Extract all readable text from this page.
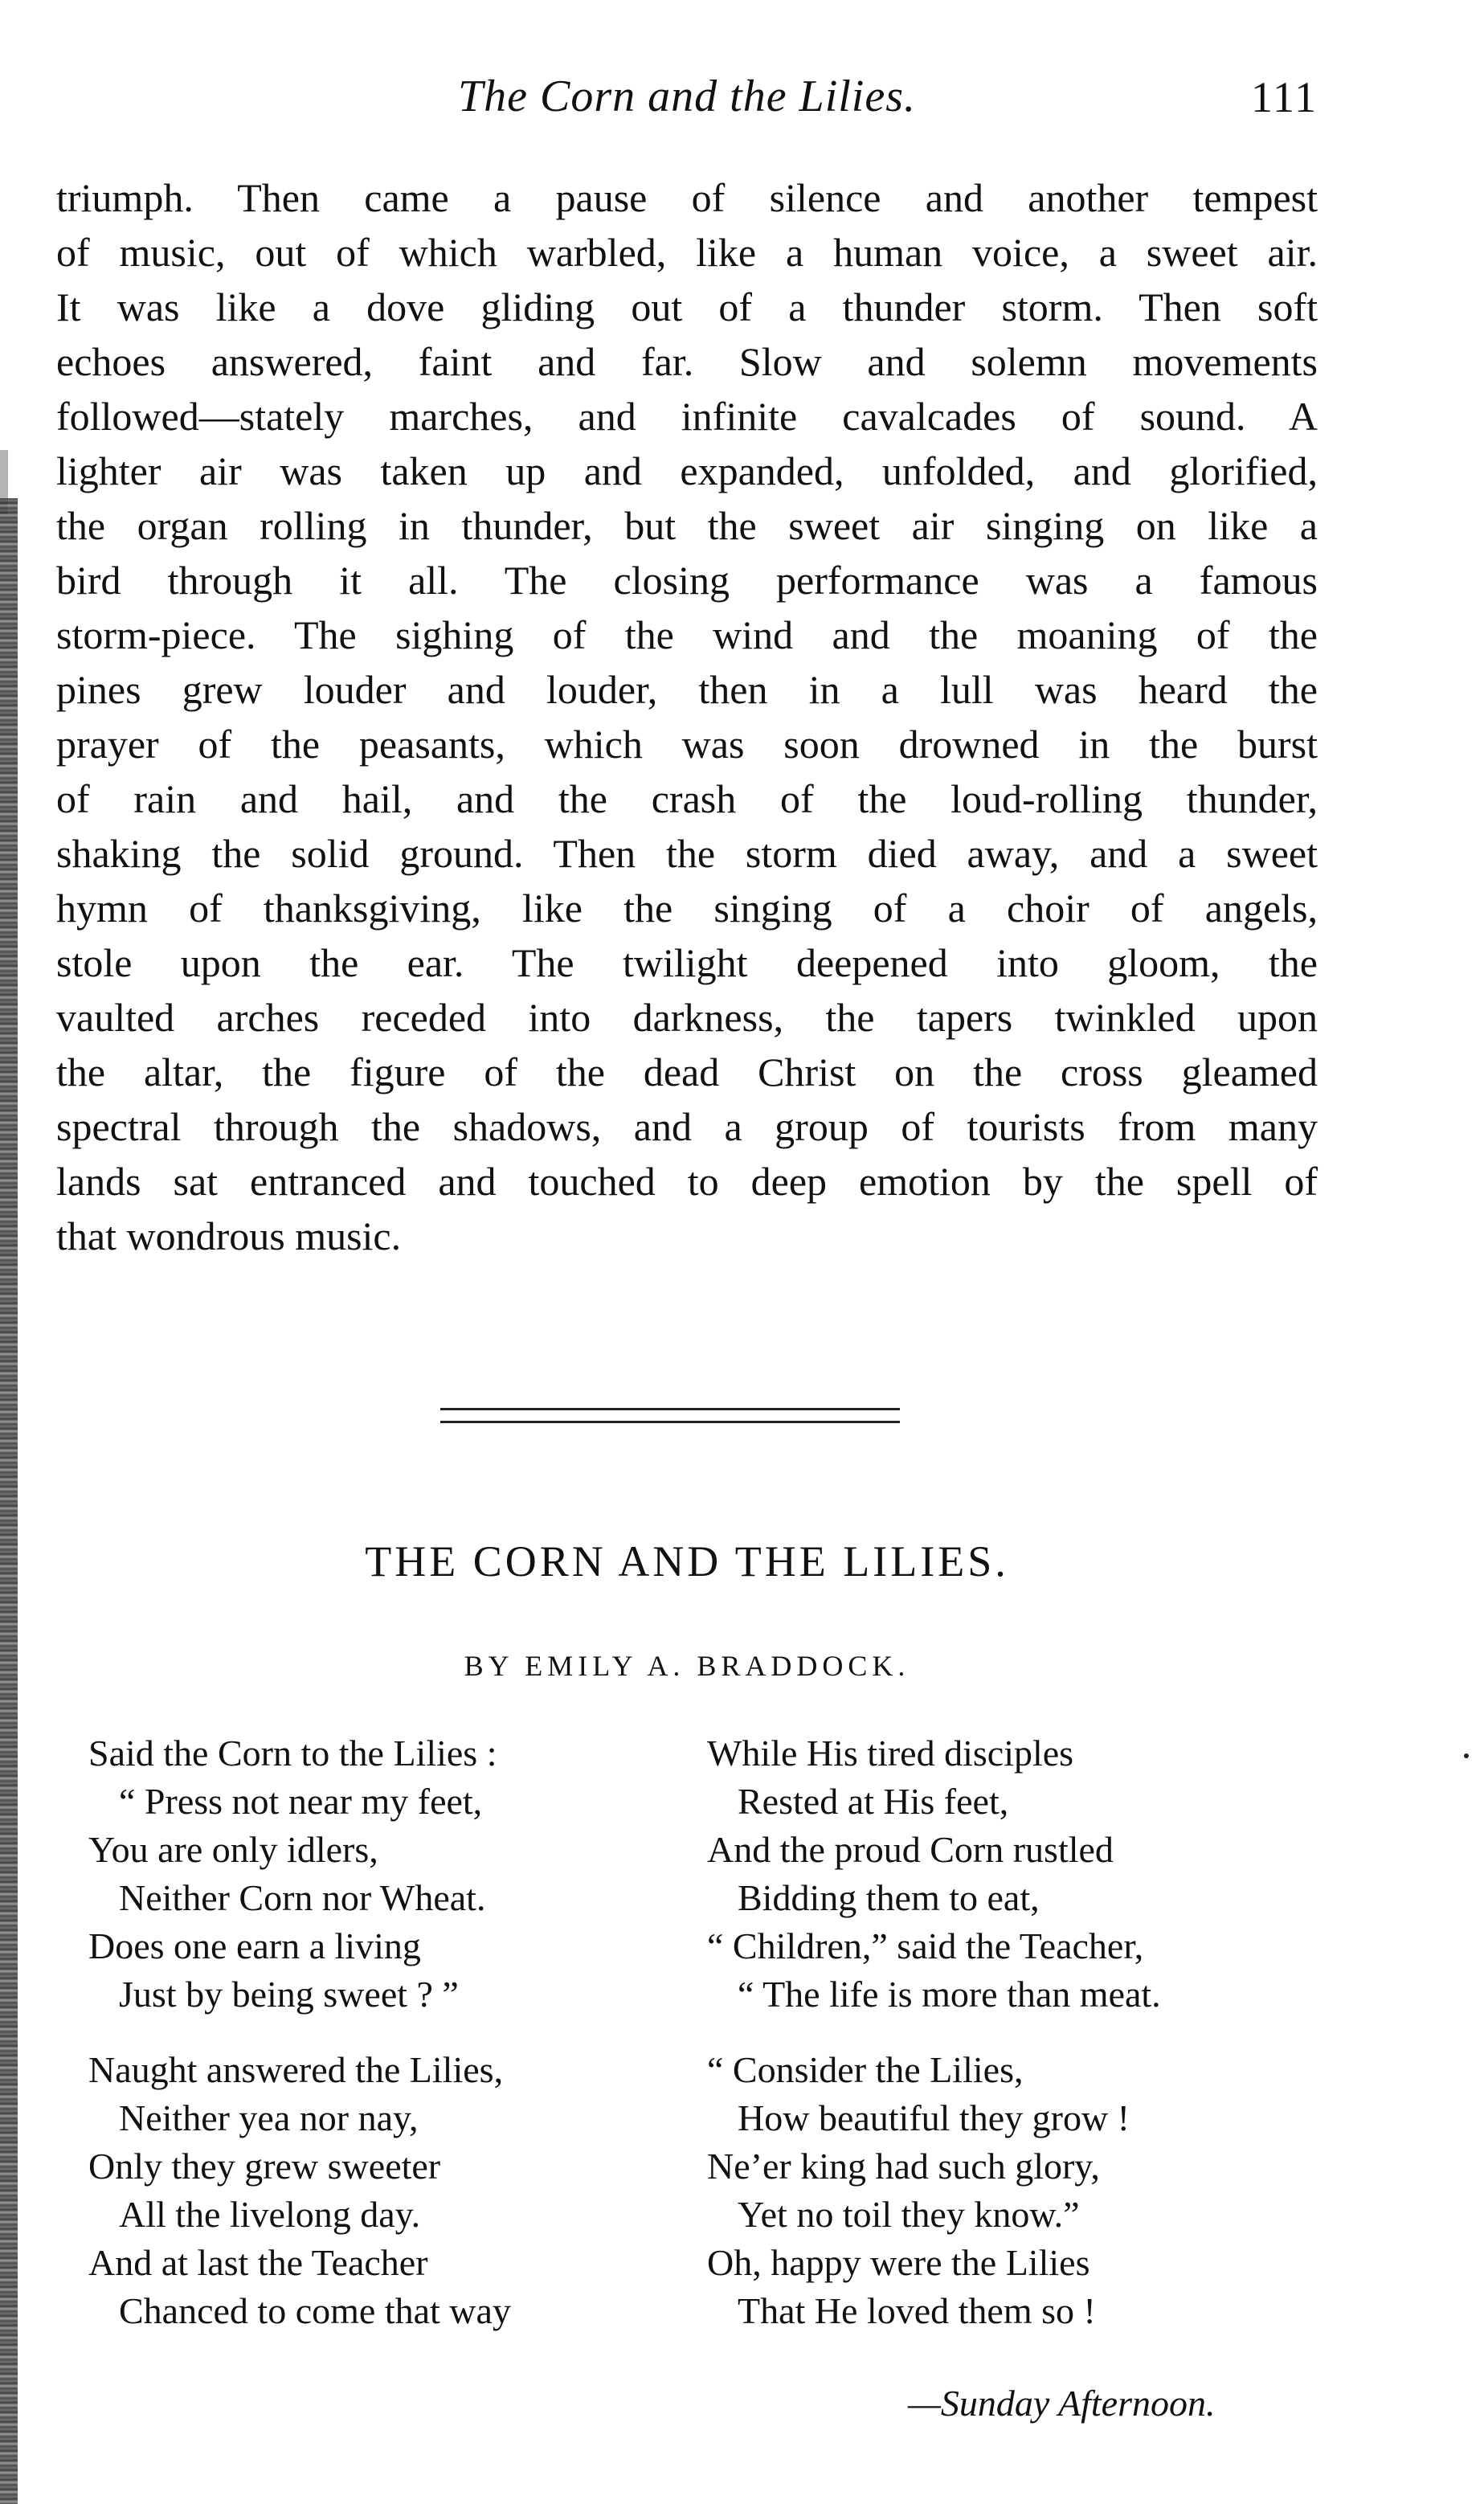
The Corn and the Lilies.	111
triumph. Then came a pause of silence and another tempest
of music, out of which warbled, like a human voice, a sweet air.
It was like a dove gliding out of a thunder storm. Then soft
echoes answered, faint and far. Slow and solemn movements
followed—stately marches, and infinite cavalcades of sound. A
lighter air was taken up and expanded, unfolded, and glorified,
the organ rolling in thunder, but the sweet air singing on like a
bird through it all. The closing performance was a famous
storm-piece. The sighing of the wind and the moaning of the
pines grew louder and louder, then in a lull was heard the
prayer of the peasants, which was soon drowned in the burst
of rain and hail, and the crash of the loud-rolling thunder,
shaking the solid ground. Then the storm died away, and a sweet
hymn of thanksgiving, like the singing of a choir of angels,
stole upon the ear. The twilight deepened into gloom, the
vaulted arches receded into darkness, the tapers twinkled upon
the altar, the figure of the dead Christ on the cross gleamed
spectral through the shadows, and a group of tourists from many
lands sat entranced and touched to deep emotion by the spell of
that wondrous music.
THE CORN AND THE LILIES.
BY EMILY A. BRADDOCK.
Said the Corn to the Lilies :
“ Press not near my feet,
You are only idlers,
Neither Corn nor Wheat.
Does one earn a living
Just by being sweet ? ”
Naught answered the Lilies,
Neither yea nor nay,
Only they grew sweeter
All the livelong day.
And at last the Teacher
Chanced to come that way
While His tired disciples
Rested at His feet,
And the proud Corn rustled
Bidding them to eat,
“ Children,” said the Teacher,
“ The life is more than meat.
“ Consider the Lilies,
How beautiful they grow !
Ne’er king had such glory,
Yet no toil they know.”
Oh, happy were the Lilies
That He loved them so !
—Sunday Afternoon.
